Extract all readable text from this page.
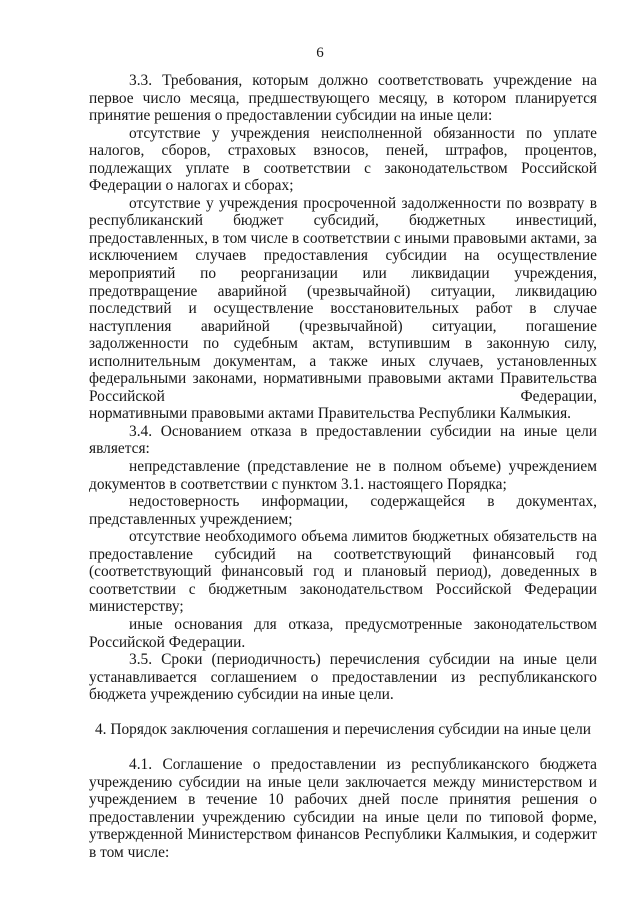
6

3.3. Требования, которым должно соответствовать учреждение на первое число месяца, предшествующего месяцу, в котором планируется

принятие решения о предоставлении субсидии на иные цели:

отсутствие у учреждения неисполненной обязанности по уплате налогов, сборов, страховых взносов, пеней, штрафов, процентов, подлежащих уплате в соответствии с законодательством Российской

Федерации о налогах и сборах;

отсутствие у учреждения просроченной задолженности по возврату в республиканский бюджет субсидий, бюджетных инвестиций, предоставленных, в том числе в соответствии с иными правовыми актами, за исключением случаев предоставления субсидии на осуществление мероприятий по реорганизации или ликвидации учреждения, предотвращение аварийной (чрезвычайной) ситуации, ликвидацию последствий и осуществление восстановительных работ в случае наступления аварийной (чрезвычайной) ситуации, погашение задолженности по судебным актам, вступившим в законную силу, исполнительным документам, а также иных случаев, установленных федеральными законами, нормативными правовыми актами Правительства Российской Федерации,

нормативными правовыми актами Правительства Республики Калмыкия.

3.4. Основанием отказа в предоставлении субсидии на иные цели

является:

непредставление (представление не в полном объеме) учреждением

документов в соответствии с пунктом 3.1. настоящего Порядка;

недостоверность информации, содержащейся в документах,

представленных учреждением;

отсутствие необходимого объема лимитов бюджетных обязательств на предоставление субсидий на соответствующий финансовый год (соответствующий финансовый год и плановый период), доведенных в соответствии с бюджетным законодательством Российской Федерации

министерству;

иные основания для отказа, предусмотренные законодательством

Российской Федерации.

3.5. Сроки (периодичность) перечисления субсидии на иные цели устанавливается соглашением о предоставлении из республиканского

бюджета учреждению субсидии на иные цели.

4. Порядок заключения соглашения и перечисления субсидии на иные цели

4.1. Соглашение о предоставлении из республиканского бюджета учреждению субсидии на иные цели заключается между министерством и учреждением в течение 10 рабочих дней после принятия решения о предоставлении учреждению субсидии на иные цели по типовой форме, утвержденной Министерством финансов Республики Калмыкия, и содержит

в том числе:
